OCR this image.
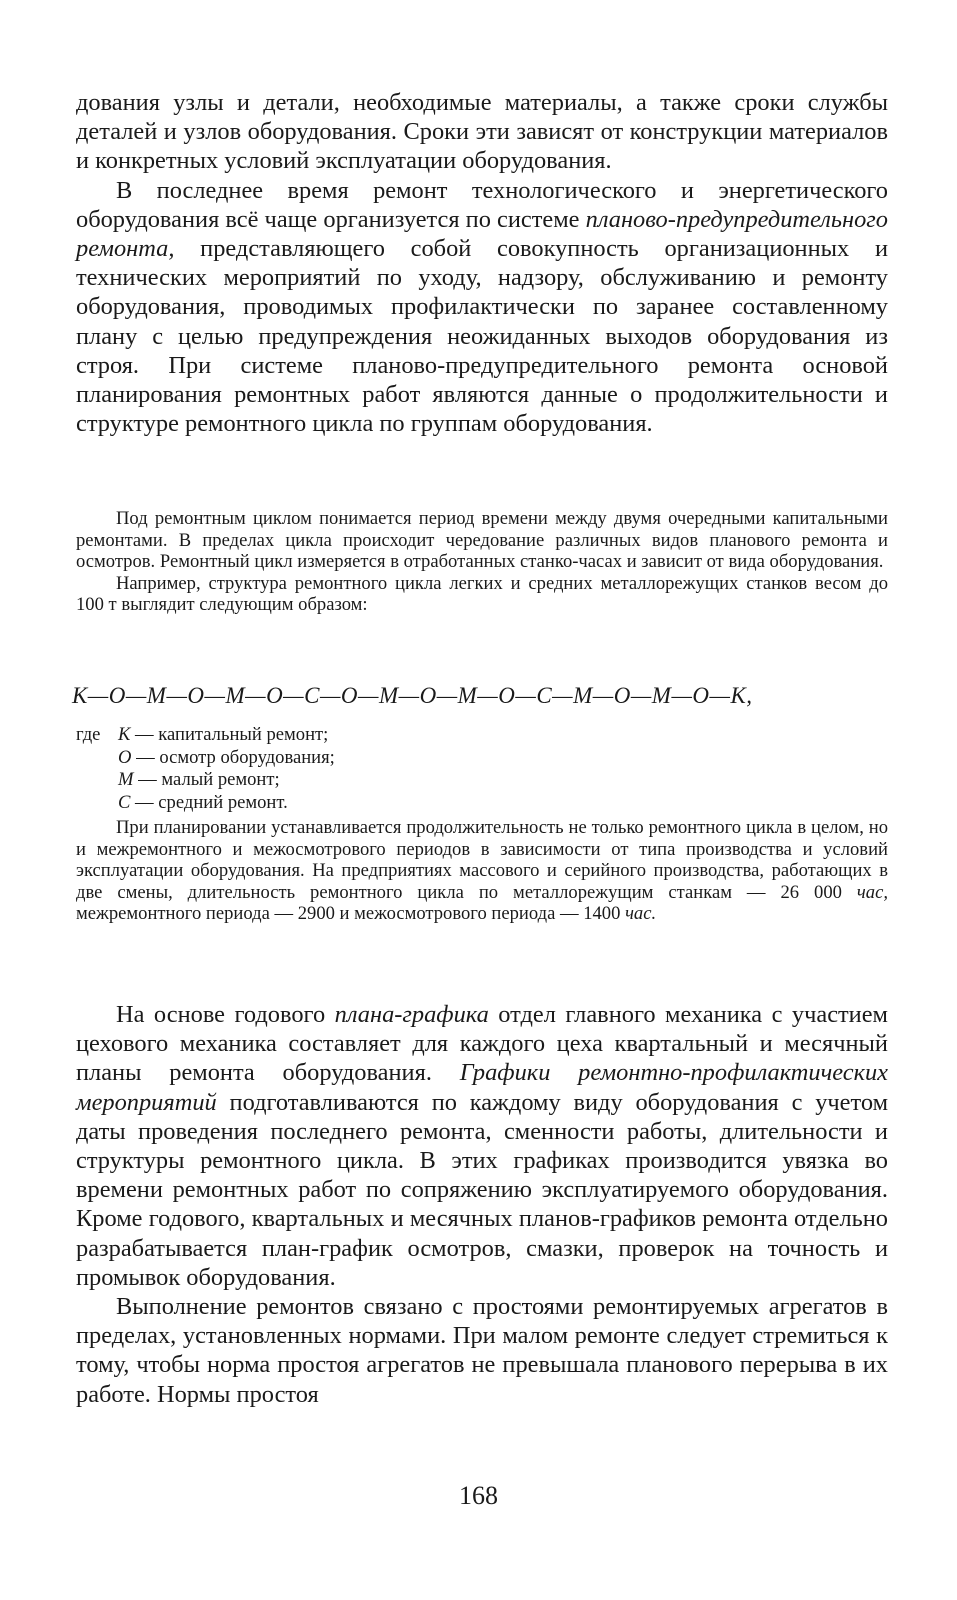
дования узлы и детали, необходимые материалы, а также сроки службы деталей и узлов оборудования. Сроки эти зависят от конструкции материалов и конкретных условий эксплуатации оборудования.

В последнее время ремонт технологического и энергетического оборудования всё чаще организуется по системе планово-предупредительного ремонта, представляющего собой совокупность организационных и технических мероприятий по уходу, надзору, обслуживанию и ремонту оборудования, проводимых профилактически по заранее составленному плану с целью предупреждения неожиданных выходов оборудования из строя. При системе планово-предупредительного ремонта основой планирования ремонтных работ являются данные о продолжительности и структуре ремонтного цикла по группам оборудования.

Под ремонтным циклом понимается период времени между двумя очередными капитальными ремонтами. В пределах цикла происходит чередование различных видов планового ремонта и осмотров. Ремонтный цикл измеряется в отработанных станко-часах и зависит от вида оборудования.

Например, структура ремонтного цикла легких и средних металлорежущих станков весом до 100 т выглядит следующим образом:

К—О—М—О—М—О—С—О—М—О—М—О—С—М—О—М—О—К,
где К — капитальный ремонт;
О — осмотр оборудования;
М — малый ремонт;
С — средний ремонт.

При планировании устанавливается продолжительность не только ремонтного цикла в целом, но и межремонтного и межосмотрового периодов в зависимости от типа производства и условий эксплуатации оборудования. На предприятиях массового и серийного производства, работающих в две смены, длительность ремонтного цикла по металлорежущим станкам — 26 000 час, межремонтного периода — 2900 и межосмотрового периода — 1400 час.

На основе годового плана-графика отдел главного механика с участием цехового механика составляет для каждого цеха квартальный и месячный планы ремонта оборудования. Графики ремонтно-профилактических мероприятий подготавливаются по каждому виду оборудования с учетом даты проведения последнего ремонта, сменности работы, длительности и структуры ремонтного цикла. В этих графиках производится увязка во времени ремонтных работ по сопряжению эксплуатируемого оборудования. Кроме годового, квартальных и месячных планов-графиков ремонта отдельно разрабатывается план-график осмотров, смазки, проверок на точность и промывок оборудования.

Выполнение ремонтов связано с простоями ремонтируемых агрегатов в пределах, установленных нормами. При малом ремонте следует стремиться к тому, чтобы норма простоя агрегатов не превышала планового перерыва в их работе. Нормы простоя

168
